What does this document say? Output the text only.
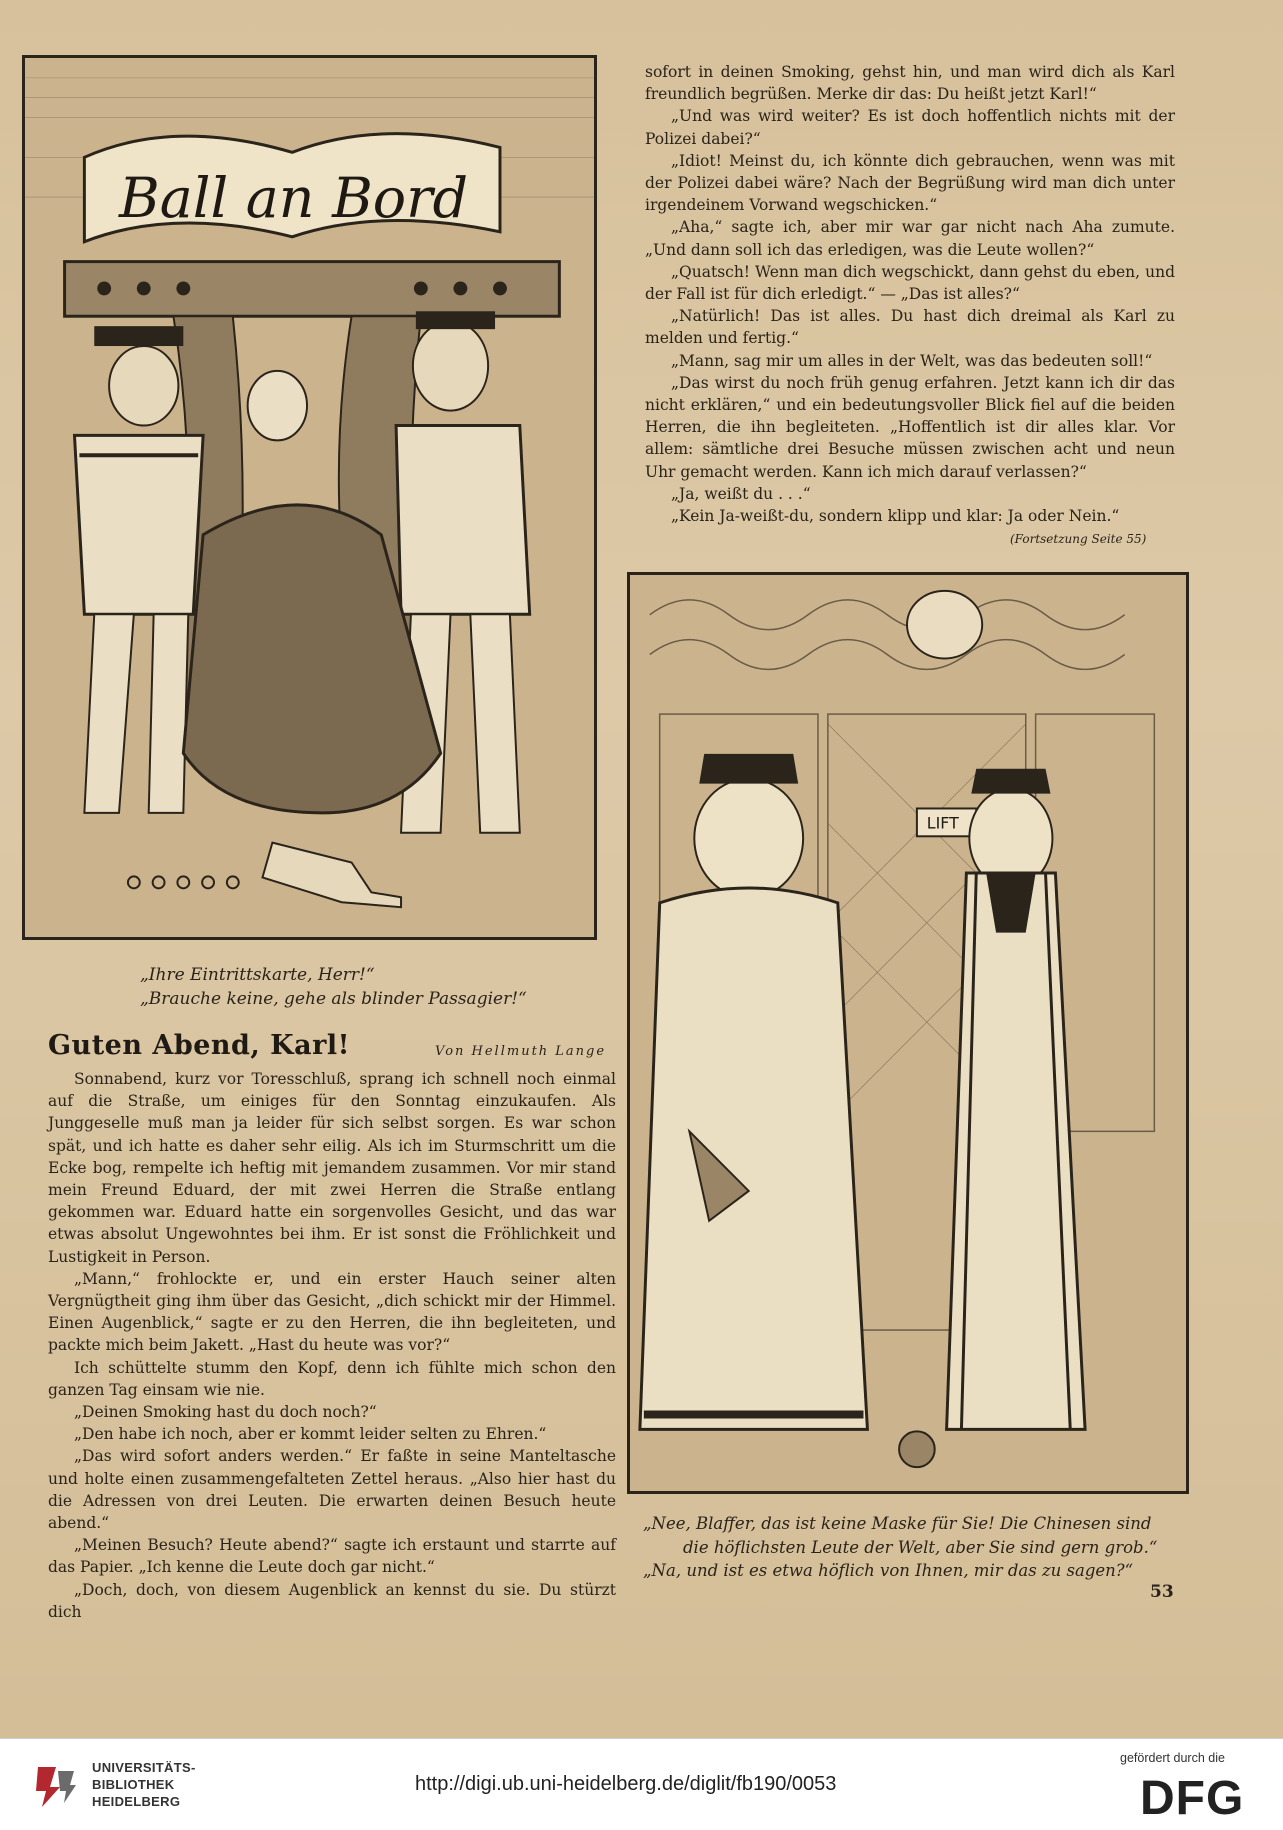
sofort in deinen Smoking, gehst hin, und man wird dich als Karl freundlich begrüßen. Merke dir das: Du heißt jetzt Karl!“

„Und was wird weiter? Es ist doch hoffentlich nichts mit der Polizei dabei?“

„Idiot! Meinst du, ich könnte dich gebrauchen, wenn was mit der Polizei dabei wäre? Nach der Begrüßung wird man dich unter irgendeinem Vorwand wegschicken.“

„Aha,“ sagte ich, aber mir war gar nicht nach Aha zumute. „Und dann soll ich das erledigen, was die Leute wollen?“

„Quatsch! Wenn man dich wegschickt, dann gehst du eben, und der Fall ist für dich erledigt.“ — „Das ist alles?“

„Natürlich! Das ist alles. Du hast dich dreimal als Karl zu melden und fertig.“

„Mann, sag mir um alles in der Welt, was das bedeuten soll!“

„Das wirst du noch früh genug erfahren. Jetzt kann ich dir das nicht erklären,“ und ein bedeutungsvoller Blick fiel auf die beiden Herren, die ihn begleiteten. „Hoffentlich ist dir alles klar. Vor allem: sämtliche drei Besuche müssen zwischen acht und neun Uhr gemacht werden. Kann ich mich darauf verlassen?“

„Ja, weißt du . . .“

„Kein Ja-weißt-du, sondern klipp und klar: Ja oder Nein.“

(Fortsetzung Seite 55)
Ball an Bord
„Ihre Eintrittskarte, Herr!“
„Brauche keine, gehe als blinder Passagier!“
LIFT
„Nee, Blaffer, das ist keine Maske für Sie! Die Chinesen sind
die höflichsten Leute der Welt, aber Sie sind gern grob.“
„Na, und ist es etwa höflich von Ihnen, mir das zu sagen?“
Guten Abend, Karl!	Von Hellmuth Lange

Sonnabend, kurz vor Toresschluß, sprang ich schnell noch einmal auf die Straße, um einiges für den Sonntag einzukaufen. Als Junggeselle muß man ja leider für sich selbst sorgen. Es war schon spät, und ich hatte es daher sehr eilig. Als ich im Sturmschritt um die Ecke bog, rempelte ich heftig mit jemandem zusammen. Vor mir stand mein Freund Eduard, der mit zwei Herren die Straße entlang gekommen war. Eduard hatte ein sorgenvolles Gesicht, und das war etwas absolut Ungewohntes bei ihm. Er ist sonst die Fröhlichkeit und Lustigkeit in Person.

„Mann,“ frohlockte er, und ein erster Hauch seiner alten Vergnügtheit ging ihm über das Gesicht, „dich schickt mir der Himmel. Einen Augenblick,“ sagte er zu den Herren, die ihn begleiteten, und packte mich beim Jakett. „Hast du heute was vor?“

Ich schüttelte stumm den Kopf, denn ich fühlte mich schon den ganzen Tag einsam wie nie.

„Deinen Smoking hast du doch noch?“

„Den habe ich noch, aber er kommt leider selten zu Ehren.“

„Das wird sofort anders werden.“ Er faßte in seine Manteltasche und holte einen zusammengefalteten Zettel heraus. „Also hier hast du die Adressen von drei Leuten. Die erwarten deinen Besuch heute abend.“

„Meinen Besuch? Heute abend?“ sagte ich erstaunt und starrte auf das Papier. „Ich kenne die Leute doch gar nicht.“

„Doch, doch, von diesem Augenblick an kennst du sie. Du stürzt dich

53
UNIVERSITÄTS-
BIBLIOTHEK
HEIDELBERG
http://digi.ub.uni-heidelberg.de/diglit/fb190/0053
gefördert durch die
DFG
